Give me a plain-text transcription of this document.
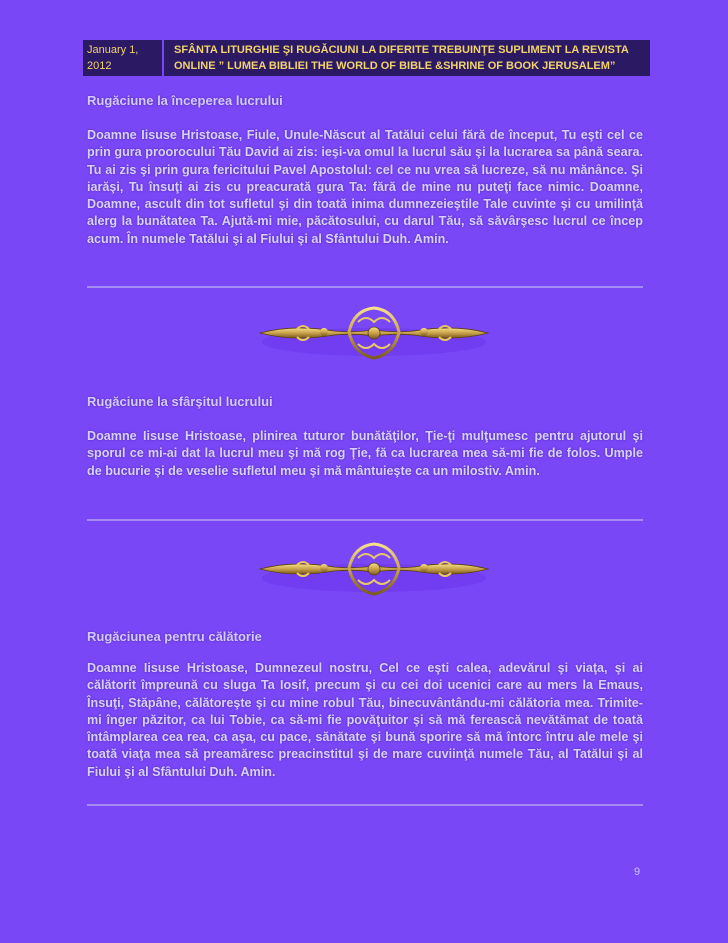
January 1, 2012
SFÂNTA LITURGHIE ŞI RUGĂCIUNI LA DIFERITE TREBUINŢE SUPLIMENT LA REVISTA ONLINE ” LUMEA BIBLIEI THE WORLD OF BIBLE &SHRINE OF BOOK JERUSALEM”
Rugăciune la începerea lucrului
Doamne Iisuse Hristoase, Fiule, Unule-Născut al Tatălui celui fără de început, Tu eşti cel ce prin gura proorocului Tău David ai zis: ieşi-va omul la lucrul său şi la lucrarea sa până seara. Tu ai zis şi prin gura fericitului Pavel Apostolul: cel ce nu vrea să lucreze, să nu mănânce. Şi iarăşi, Tu însuţi ai zis cu preacurată gura Ta: fără de mine nu puteţi face nimic. Doamne, Doamne, ascult din tot sufletul şi din toată inima dumnezeieştile Tale cuvinte şi cu umilinţă alerg la bunătatea Ta. Ajută-mi mie, păcătosului, cu darul Tău, să săvârşesc lucrul ce încep acum. În numele Tatălui şi al Fiului şi al Sfântului Duh. Amin.
Rugăciune la sfârşitul lucrului
Doamne Iisuse Hristoase, plinirea tuturor bunătăţilor, Ţie-ţi mulţumesc pentru ajutorul şi sporul ce mi-ai dat la lucrul meu şi mă rog Ţie, fă ca lucrarea mea să-mi fie de folos. Umple de bucurie şi de veselie sufletul meu şi mă mântuieşte ca un milostiv. Amin.
Rugăciunea pentru călătorie
Doamne Iisuse Hristoase, Dumnezeul nostru, Cel ce eşti calea, adevărul şi viaţa, şi ai călătorit împreună cu sluga Ta Iosif, precum şi cu cei doi ucenici care au mers la Emaus, Însuţi, Stăpâne, călătoreşte şi cu mine robul Tău, binecuvântându-mi călătoria mea. Trimite-mi înger păzitor, ca lui Tobie, ca să-mi fie povăţuitor şi să mă ferească nevătămat de toată întâmplarea cea rea, ca aşa, cu pace, sănătate şi bună sporire să mă întorc întru ale mele şi toată viaţa mea să preamăresc preacinstitul şi de mare cuviinţă numele Tău, al Tatălui şi al Fiului şi al Sfântului Duh. Amin.
9
